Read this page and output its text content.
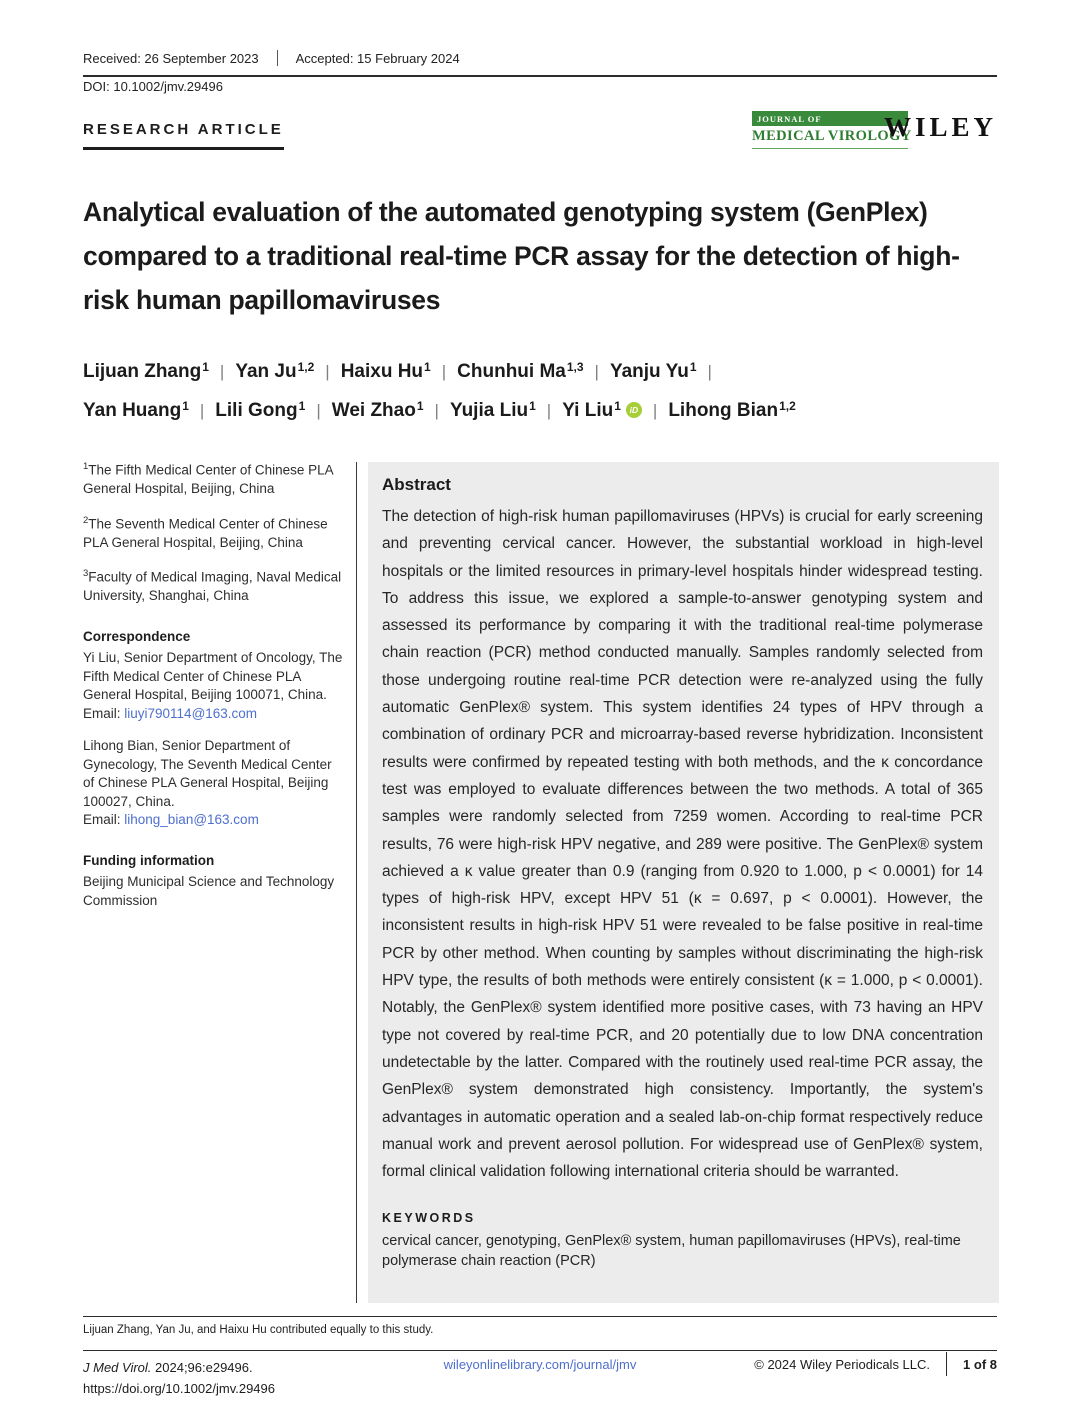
Received: 26 September 2023	Accepted: 15 February 2024
DOI: 10.1002/jmv.29496
RESEARCH ARTICLE
JOURNAL OF
MEDICAL VIROLOGY
WILEY
Analytical evaluation of the automated genotyping system (GenPlex) compared to a traditional real-time PCR assay for the detection of high-risk human papillomaviruses
Lijuan Zhang$^1$ | Yan Ju$^{1,2}$ | Haixu Hu$^1$ | Chunhui Ma$^{1,3}$ | Yanju Yu$^1$ |
Yan Huang$^1$ | Lili Gong$^1$ | Wei Zhao$^1$ | Yujia Liu$^1$ | Yi Liu$^1$	iD | Lihong Bian$^{1,2}$
$^1$The Fifth Medical Center of Chinese PLA General Hospital, Beijing, China
$^2$The Seventh Medical Center of Chinese PLA General Hospital, Beijing, China
$^3$Faculty of Medical Imaging, Naval Medical University, Shanghai, China
Correspondence
Yi Liu, Senior Department of Oncology, The Fifth Medical Center of Chinese PLA General Hospital, Beijing 100071, China.
Email: liuyi790114@163.com
Lihong Bian, Senior Department of Gynecology, The Seventh Medical Center of Chinese PLA General Hospital, Beijing 100027, China.
Email: lihong_bian@163.com
Funding information
Beijing Municipal Science and Technology Commission
Abstract
The detection of high-risk human papillomaviruses (HPVs) is crucial for early screening and preventing cervical cancer. However, the substantial workload in high-level hospitals or the limited resources in primary-level hospitals hinder widespread testing. To address this issue, we explored a sample-to-answer genotyping system and assessed its performance by comparing it with the traditional real-time polymerase chain reaction (PCR) method conducted manually. Samples randomly selected from those undergoing routine real-time PCR detection were re-analyzed using the fully automatic GenPlex® system. This system identifies 24 types of HPV through a combination of ordinary PCR and microarray-based reverse hybridization. Inconsistent results were confirmed by repeated testing with both methods, and the κ concordance test was employed to evaluate differences between the two methods. A total of 365 samples were randomly selected from 7259 women. According to real-time PCR results, 76 were high-risk HPV negative, and 289 were positive. The GenPlex® system achieved a κ value greater than 0.9 (ranging from 0.920 to 1.000, p < 0.0001) for 14 types of high-risk HPV, except HPV 51 (κ = 0.697, p < 0.0001). However, the inconsistent results in high-risk HPV 51 were revealed to be false positive in real-time PCR by other method. When counting by samples without discriminating the high-risk HPV type, the results of both methods were entirely consistent (κ = 1.000, p < 0.0001). Notably, the GenPlex® system identified more positive cases, with 73 having an HPV type not covered by real-time PCR, and 20 potentially due to low DNA concentration undetectable by the latter. Compared with the routinely used real-time PCR assay, the GenPlex® system demonstrated high consistency. Importantly, the system's advantages in automatic operation and a sealed lab-on-chip format respectively reduce manual work and prevent aerosol pollution. For widespread use of GenPlex® system, formal clinical validation following international criteria should be warranted.
KEYWORDS
cervical cancer, genotyping, GenPlex® system, human papillomaviruses (HPVs), real-time polymerase chain reaction (PCR)
Lijuan Zhang, Yan Ju, and Haixu Hu contributed equally to this study.
J Med Virol. 2024;96:e29496.
https://doi.org/10.1002/jmv.29496
wileyonlinelibrary.com/journal/jmv	© 2024 Wiley Periodicals LLC.	1 of 8
